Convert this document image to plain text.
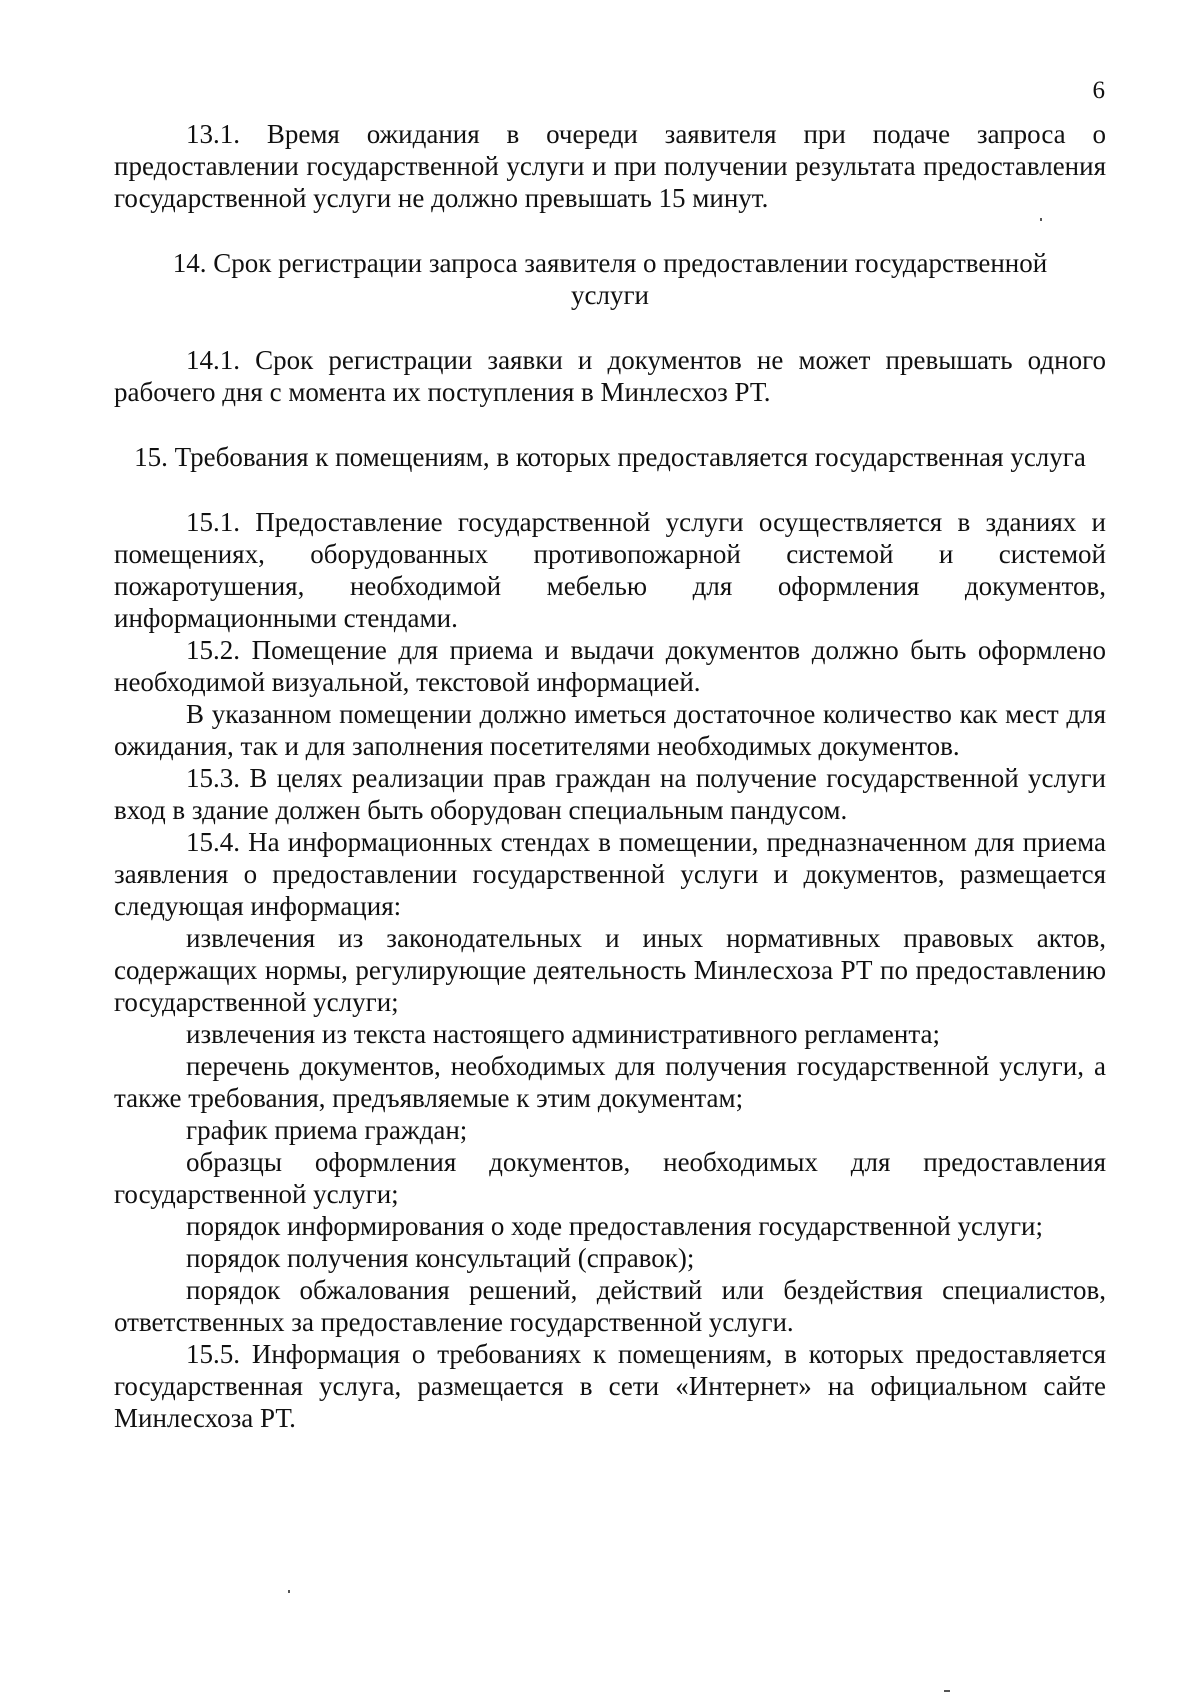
6

13.1. Время ожидания в очереди заявителя при подаче запроса о предоставлении государственной услуги и при получении результата предоставления государственной услуги не должно превышать 15 минут.

14. Срок регистрации запроса заявителя о предоставлении государственной услуги

14.1. Срок регистрации заявки и документов не может превышать одного рабочего дня с момента их поступления в Минлесхоз РТ.

15. Требования к помещениям, в которых предоставляется государственная услуга

15.1. Предоставление государственной услуги осуществляется в зданиях и помещениях, оборудованных противопожарной системой и системой пожаротушения, необходимой мебелью для оформления документов, информационными стендами.

15.2. Помещение для приема и выдачи документов должно быть оформлено необходимой визуальной, текстовой информацией.

В указанном помещении должно иметься достаточное количество как мест для ожидания, так и для заполнения посетителями необходимых документов.

15.3. В целях реализации прав граждан на получение государственной услуги вход в здание должен быть оборудован специальным пандусом.

15.4. На информационных стендах в помещении, предназначенном для приема заявления о предоставлении государственной услуги и документов, размещается следующая информация:

извлечения из законодательных и иных нормативных правовых актов, содержащих нормы, регулирующие деятельность Минлесхоза РТ по предоставлению государственной услуги;

извлечения из текста настоящего административного регламента;

перечень документов, необходимых для получения государственной услуги, а также требования, предъявляемые к этим документам;

график приема граждан;

образцы оформления документов, необходимых для предоставления государственной услуги;

порядок информирования о ходе предоставления государственной услуги;

порядок получения консультаций (справок);

порядок обжалования решений, действий или бездействия специалистов, ответственных за предоставление государственной услуги.

15.5. Информация о требованиях к помещениям, в которых предоставляется государственная услуга, размещается в сети «Интернет» на официальном сайте Минлесхоза РТ.
